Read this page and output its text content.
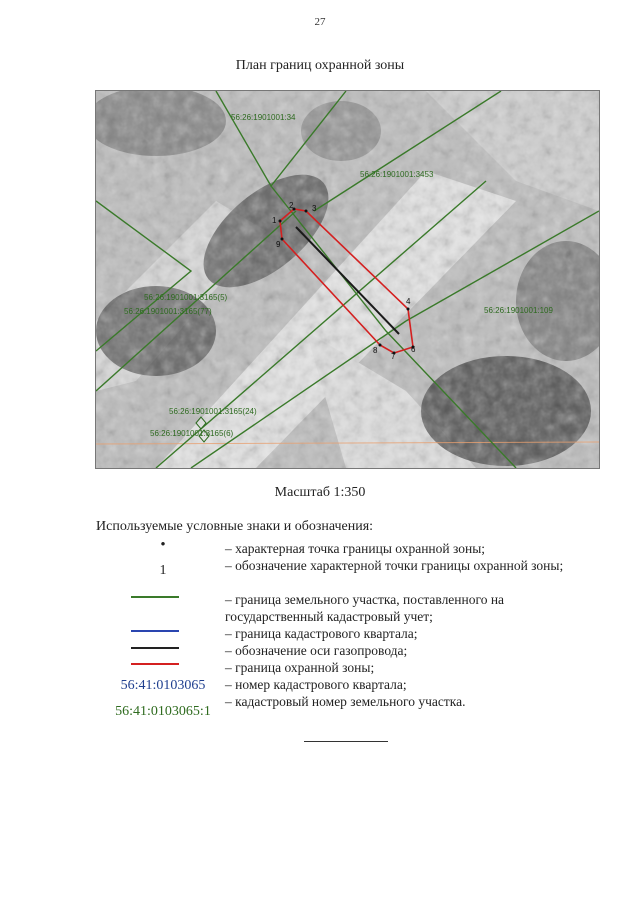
27
План границ охранной зоны
1
2 3
9
4
8
7
6
56:26:1901001:34
56:26:1901001:3453
56:26:1901001:3165(5)
56:26:1901001:3165(77)	56:26:1901001:109
56:26:1901001:3165(24)
56:26:1901001:3165(6)
Масштаб 1:350
Используемые условные знаки и обозначения:
•
1
56:41:0103065
56:41:0103065:1
– характерная точка границы охранной зоны;
– обозначение характерной точки границы охранной зоны;
– граница земельного участка, поставленного на государственный кадастровый учет;
– граница кадастрового квартала;
– обозначение оси газопровода;
– граница охранной зоны;
– номер кадастрового квартала;
– кадастровый номер земельного участка.
